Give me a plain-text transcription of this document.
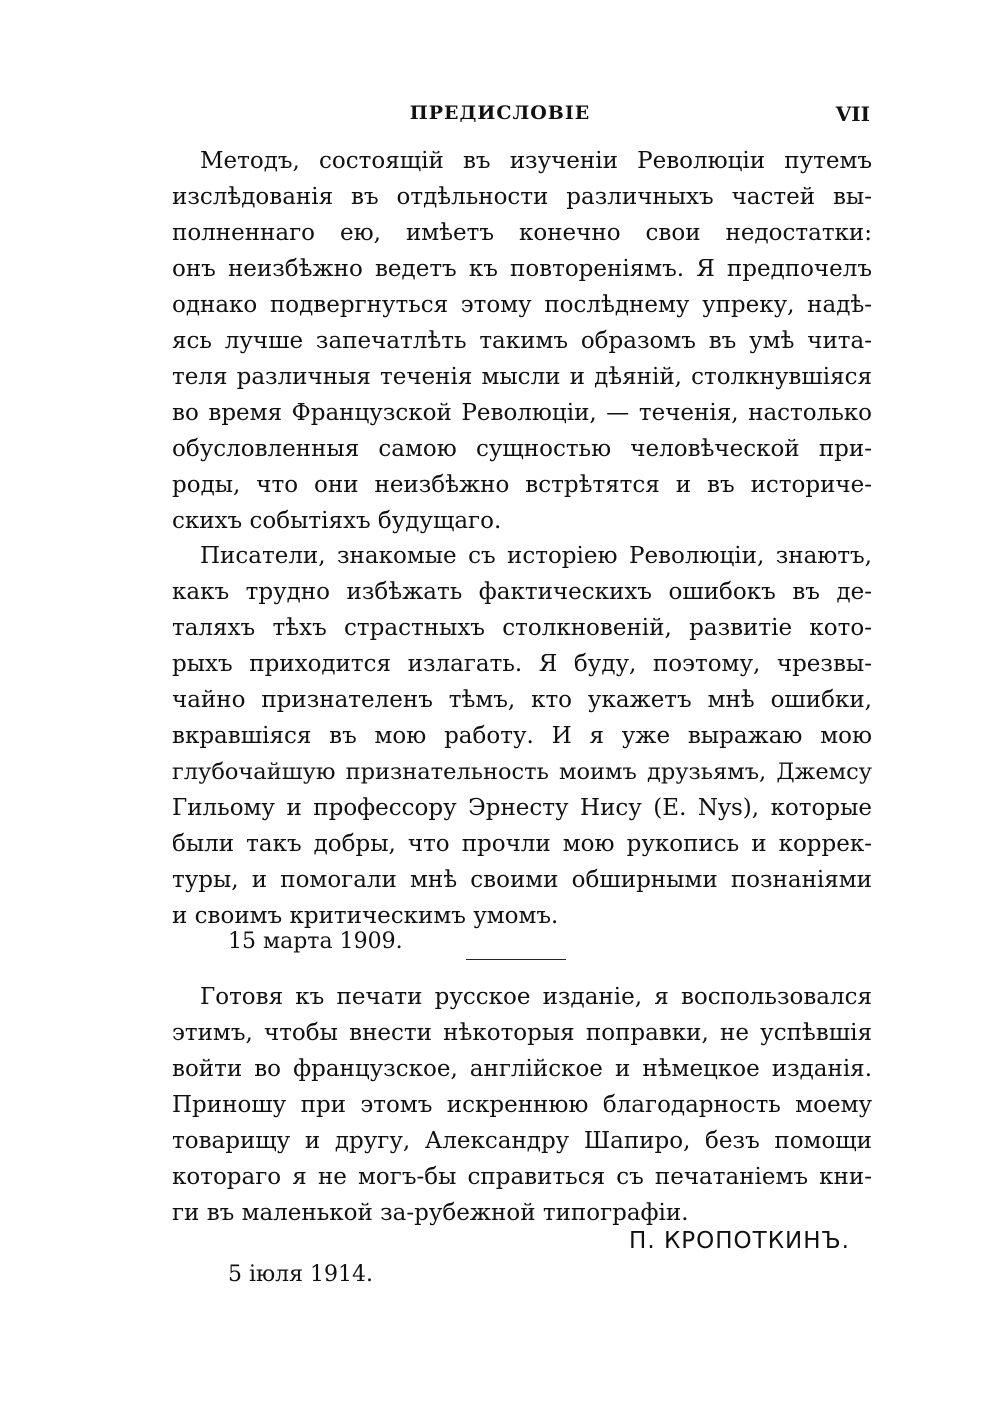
ПРЕДИСЛОВIЕ	VII
Методъ, состоящiй въ изученiи Революцiи путемъ
изслѣдованiя въ отдѣльности различныхъ частей вы-
полненнаго ею, имѣетъ конечно свои недостатки:
онъ неизбѣжно ведетъ къ повторенiямъ. Я предпочелъ
однако подвергнуться этому послѣднему упреку, надѣ-
ясь лучше запечатлѣть такимъ образомъ въ умѣ чита-
теля различныя теченiя мысли и дѣянiй, столкнувшiяся
во время Французской Революцiи, — теченiя, настолько
обусловленныя самою сущностью человѣческой при-
роды, что они неизбѣжно встрѣтятся и въ историче-
скихъ событiяхъ будущаго.
Писатели, знакомые съ исторiею Революцiи, знаютъ,
какъ трудно избѣжать фактическихъ ошибокъ въ де-
таляхъ тѣхъ страстныхъ столкновенiй, развитiе кото-
рыхъ приходится излагать. Я буду, поэтому, чрезвы-
чайно признателенъ тѣмъ, кто укажетъ мнѣ ошибки,
вкравшiяся въ мою работу. И я уже выражаю мою
глубочайшую признательность моимъ друзьямъ, Джемсу
Гильому и профессору Эрнесту Нису (E. Nys), которые
были такъ добры, что прочли мою рукопись и коррек-
туры, и помогали мнѣ своими обширными познанiями
и своимъ критическимъ умомъ.
15 марта 1909.
Готовя къ печати русское изданiе, я воспользовался
этимъ, чтобы внести нѣкоторыя поправки, не успѣвшiя
войти во французское, англiйское и нѣмецкое изданiя.
Приношу при этомъ искреннюю благодарность моему
товарищу и другу, Александру Шапиро, безъ помощи
котораго я не могъ-бы справиться съ печатанiемъ кни-
ги въ маленькой за-рубежной типографiи.
П. КРОПОТКИНЪ.
5 iюля 1914.
